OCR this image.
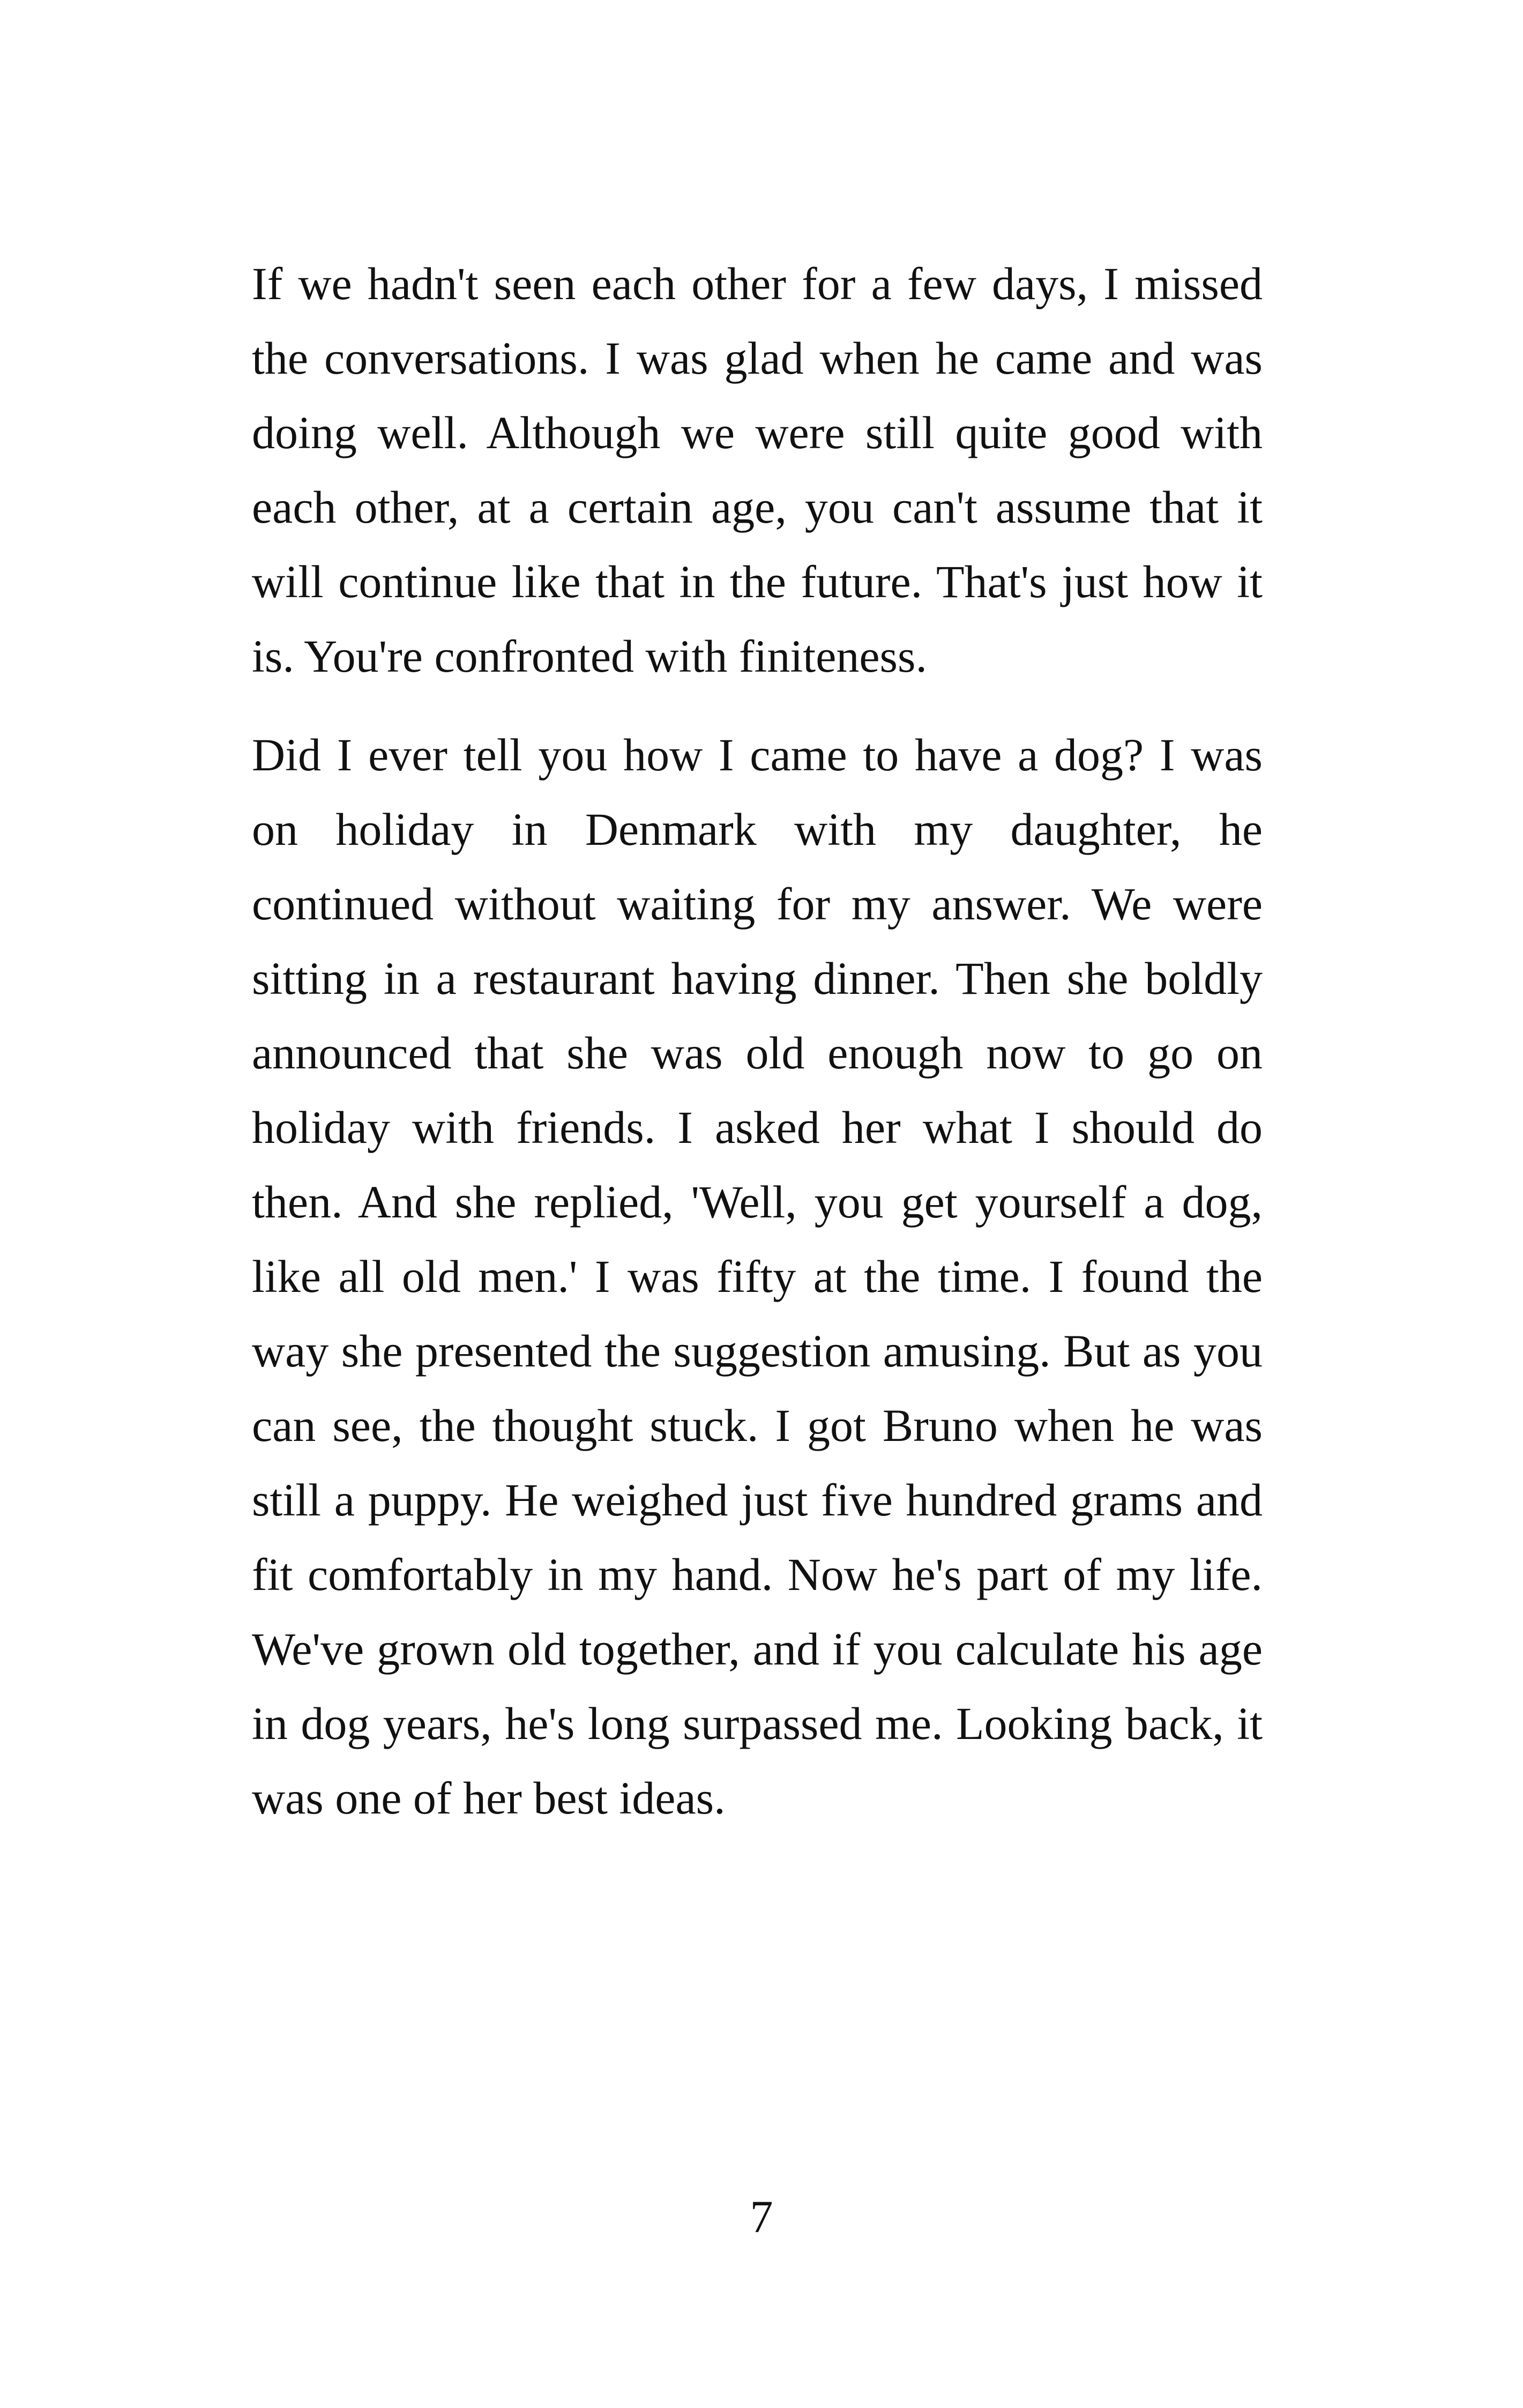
If we hadn't seen each other for a few days, I missed the conversations. I was glad when he came and was doing well. Although we were still quite good with each other, at a certain age, you can't assume that it will continue like that in the future. That's just how it is. You're confronted with finiteness.

Did I ever tell you how I came to have a dog? I was on holiday in Denmark with my daughter, he continued without waiting for my answer. We were sitting in a restaurant having dinner. Then she boldly announced that she was old enough now to go on holiday with friends. I asked her what I should do then. And she replied, 'Well, you get yourself a dog, like all old men.' I was fifty at the time. I found the way she presented the suggestion amusing. But as you can see, the thought stuck. I got Bruno when he was still a puppy. He weighed just five hundred grams and fit comfortably in my hand. Now he's part of my life. We've grown old together, and if you calculate his age in dog years, he's long surpassed me. Looking back, it was one of her best ideas.

7
